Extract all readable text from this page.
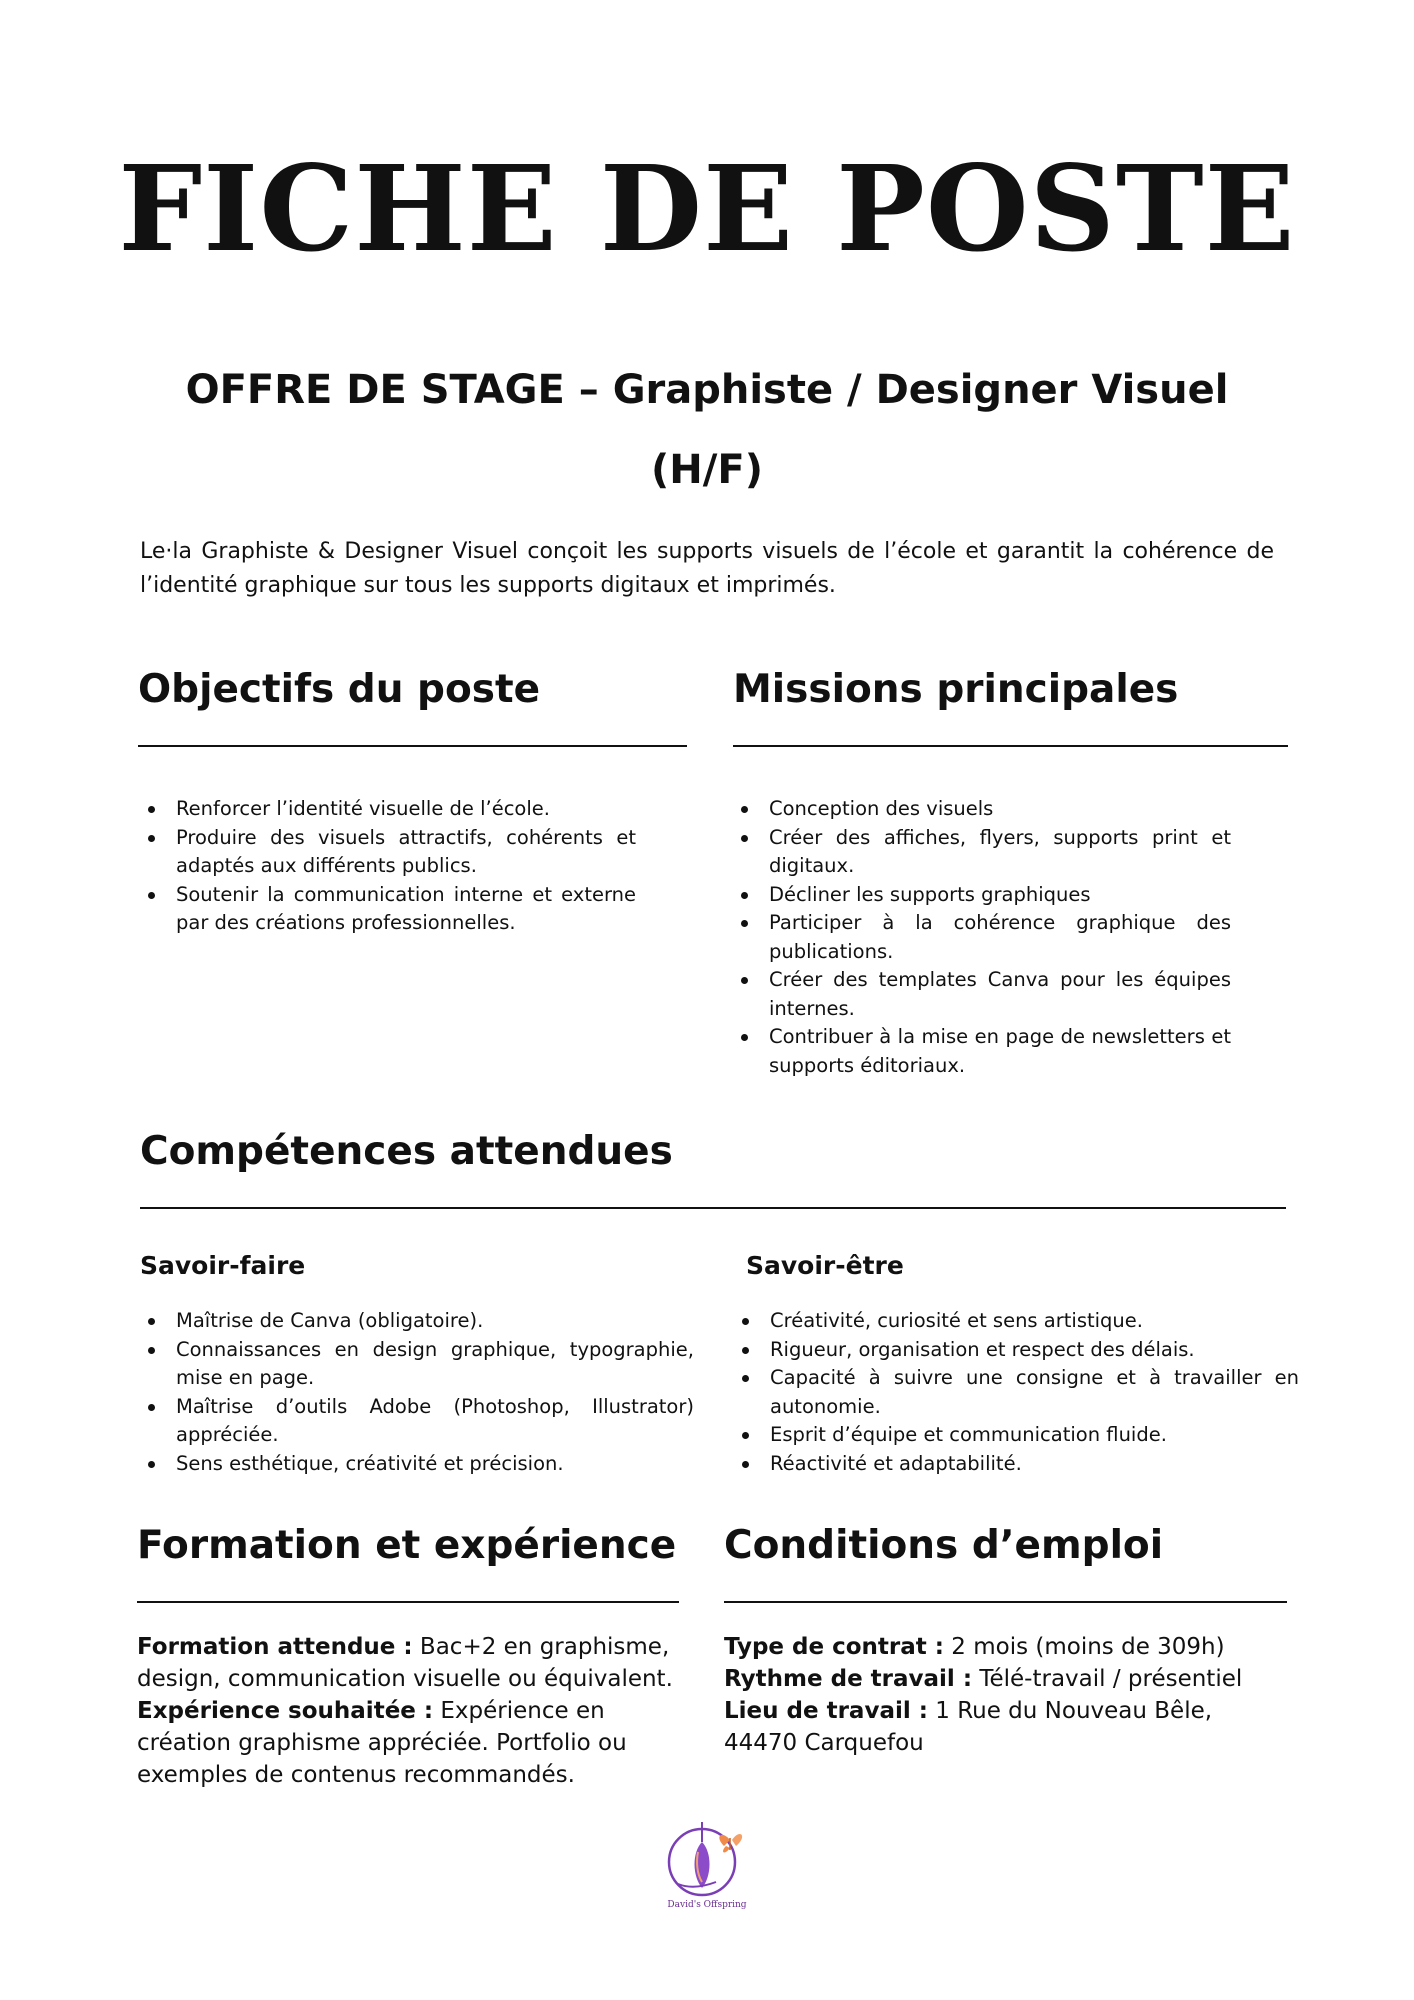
FICHE DE POSTE

OFFRE DE STAGE – Graphiste / Designer Visuel (H/F)

Le·la Graphiste & Designer Visuel conçoit les supports visuels de l’école et garantit la cohérence de l’identité graphique sur tous les supports digitaux et imprimés.

Objectifs du poste
Renforcer l’identité visuelle de l’école.
Produire des visuels attractifs, cohérents et adaptés aux différents publics.
Soutenir la communication interne et externe par des créations professionnelles.
Missions principales
Conception des visuels
Créer des affiches, flyers, supports print et digitaux.
Décliner les supports graphiques
Participer à la cohérence graphique des publications.
Créer des templates Canva pour les équipes internes.
Contribuer à la mise en page de newsletters et supports éditoriaux.
Compétences attendues
Savoir-faire
Maîtrise de Canva (obligatoire).
Connaissances en design graphique, typographie, mise en page.
Maîtrise d’outils Adobe (Photoshop, Illustrator) appréciée.
Sens esthétique, créativité et précision.
Savoir-être
Créativité, curiosité et sens artistique.
Rigueur, organisation et respect des délais.
Capacité à suivre une consigne et à travailler en autonomie.
Esprit d’équipe et communication fluide.
Réactivité et adaptabilité.
Formation et expérience

Formation attendue : Bac+2 en graphisme, design, communication visuelle ou équivalent.
Expérience souhaitée : Expérience en création graphisme appréciée. Portfolio ou exemples de contenus recommandés.

Conditions d’emploi

Type de contrat : 2 mois (moins de 309h)
Rythme de travail : Télé-travail / présentiel
Lieu de travail : 1 Rue du Nouveau Bêle, 44470 Carquefou

David's Offspring
